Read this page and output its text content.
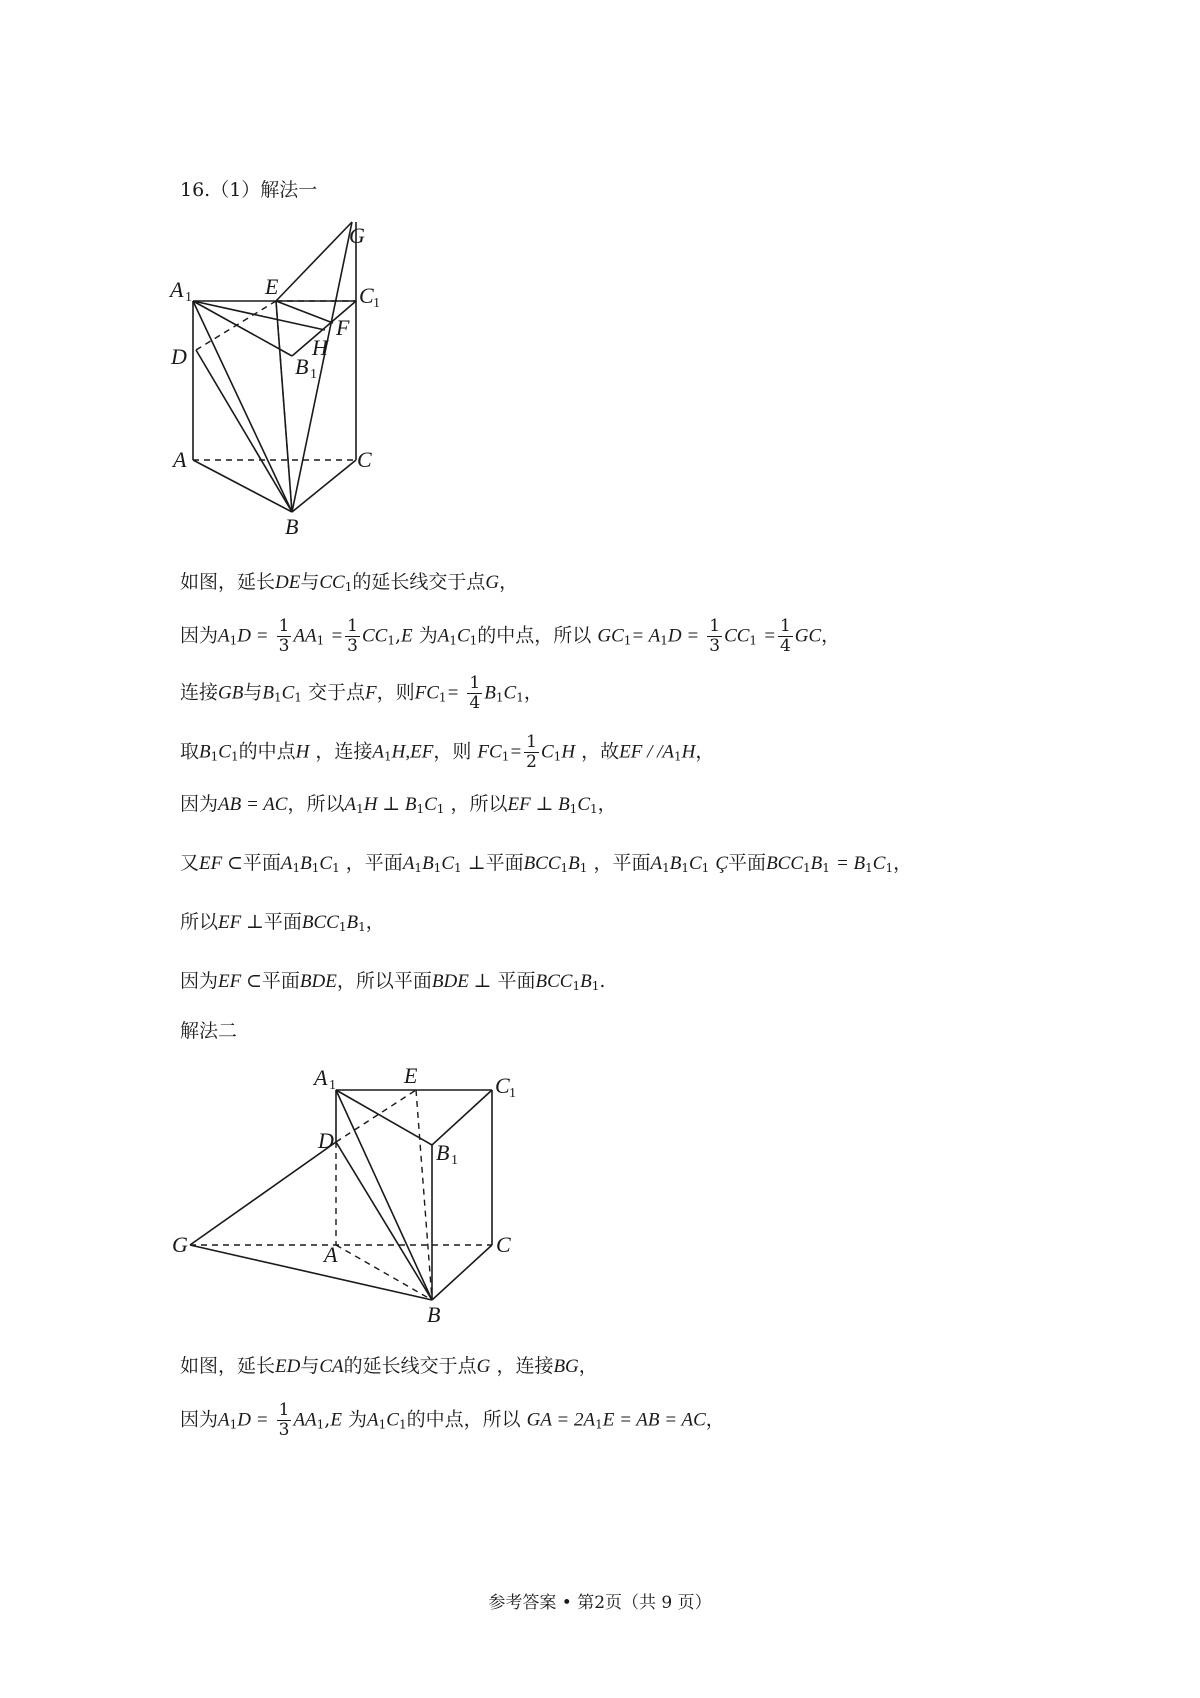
16.（1）解法一
G
A 1	E	C 1
F
H
D	B 1
A	C
B
如图，延长DE与CC1的延长线交于点G，
因为$A1D = \frac{1}{3} AA1 = \frac{1}{3} CC1,E$ 为A1C1的中点，所以 $GC1= A1D = \frac{1}{3} CC1 = \frac{1}{4}$ GC，
连接GB与B1C1 交于点F，则$FC1= \frac{1}{4} B1C1$，
取B1C1的中点H ，连接A1H,EF，则 $FC1= \frac{1}{2} C1H$ ，故EF / /A1H，
因为AB = AC，所以A1H ⊥ B1C1 ，所以EF ⊥ B1C1，
又EF ⊂平面A1B1C1 ，平面A1B1C1 ⊥平面BCC1B1 ，平面A1B1C1 Ç平面BCC1B1 = B1C1，
所以EF ⊥平面BCC1B1，
因为EF ⊂平面BDE，所以平面BDE ⊥ 平面BCC1B1.
解法二
A 1	E	C 1
D	B 1
G	A	C
B
如图，延长ED与CA的延长线交于点G ，连接BG，
因为$A1D = \frac{1}{3} AA1,E$ 为A1C1的中点，所以 GA = 2A1E = AB = AC，
参考答案 • 第2页（共 9 页）
